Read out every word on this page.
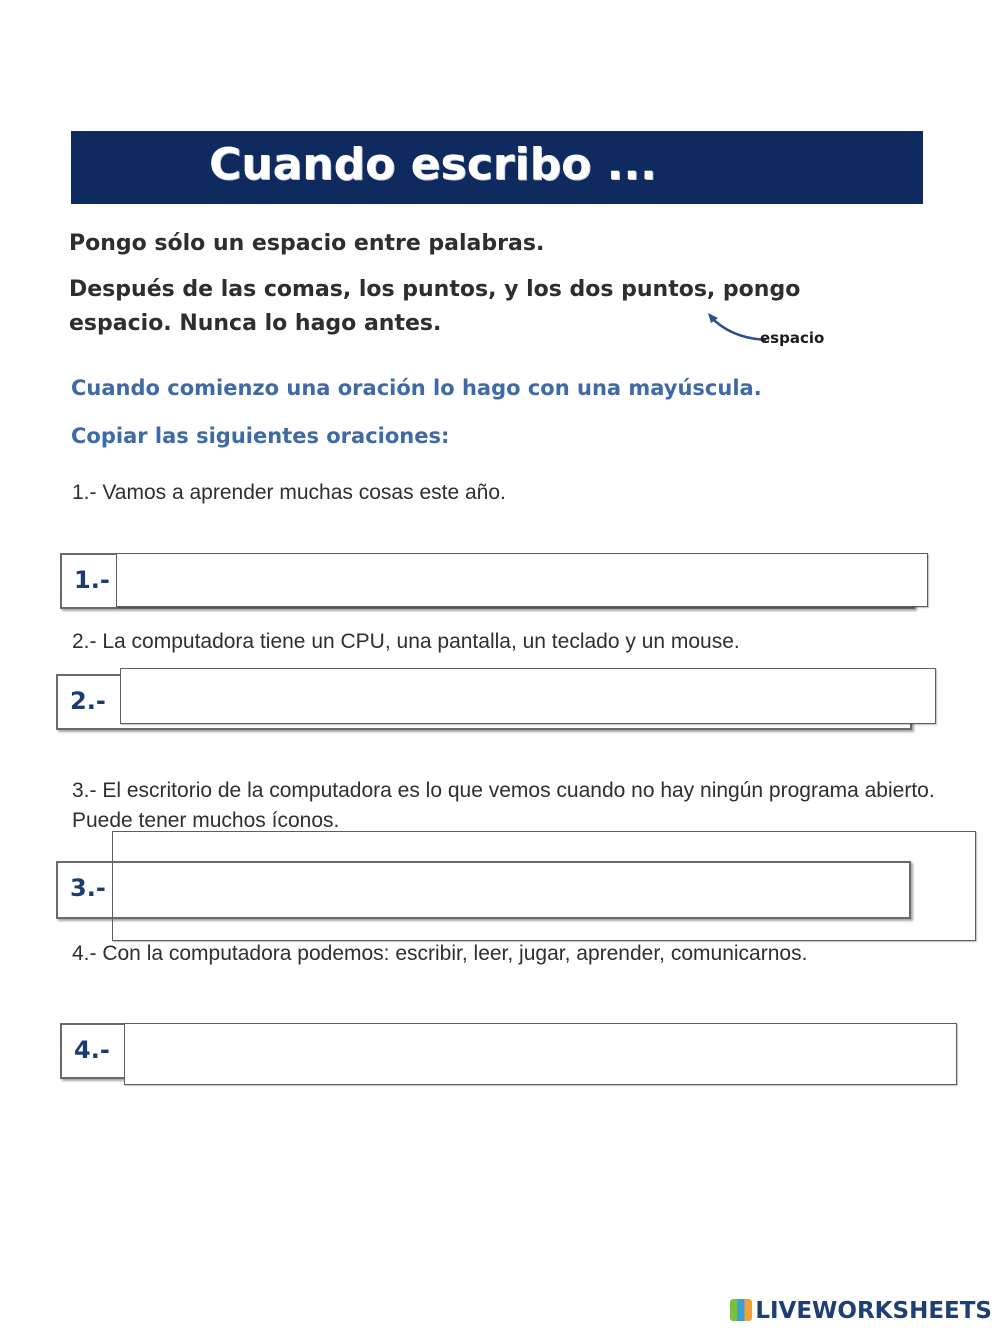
Cuando escribo ...
Pongo sólo un espacio entre palabras.
Después de las comas, los puntos, y los dos puntos, pongo
espacio. Nunca lo hago antes.
espacio
Cuando comienzo una oración lo hago con una mayúscula.
Copiar las siguientes oraciones:
1.- Vamos a aprender muchas cosas este año.
1.-
2.- La computadora tiene un CPU, una pantalla, un teclado y un mouse.
2.-
3.- El escritorio de la computadora es lo que vemos cuando no hay ningún programa abierto. Puede tener muchos íconos.
3.-
4.- Con la computadora podemos: escribir, leer, jugar, aprender, comunicarnos.
4.-
LIVEWORKSHEETS
